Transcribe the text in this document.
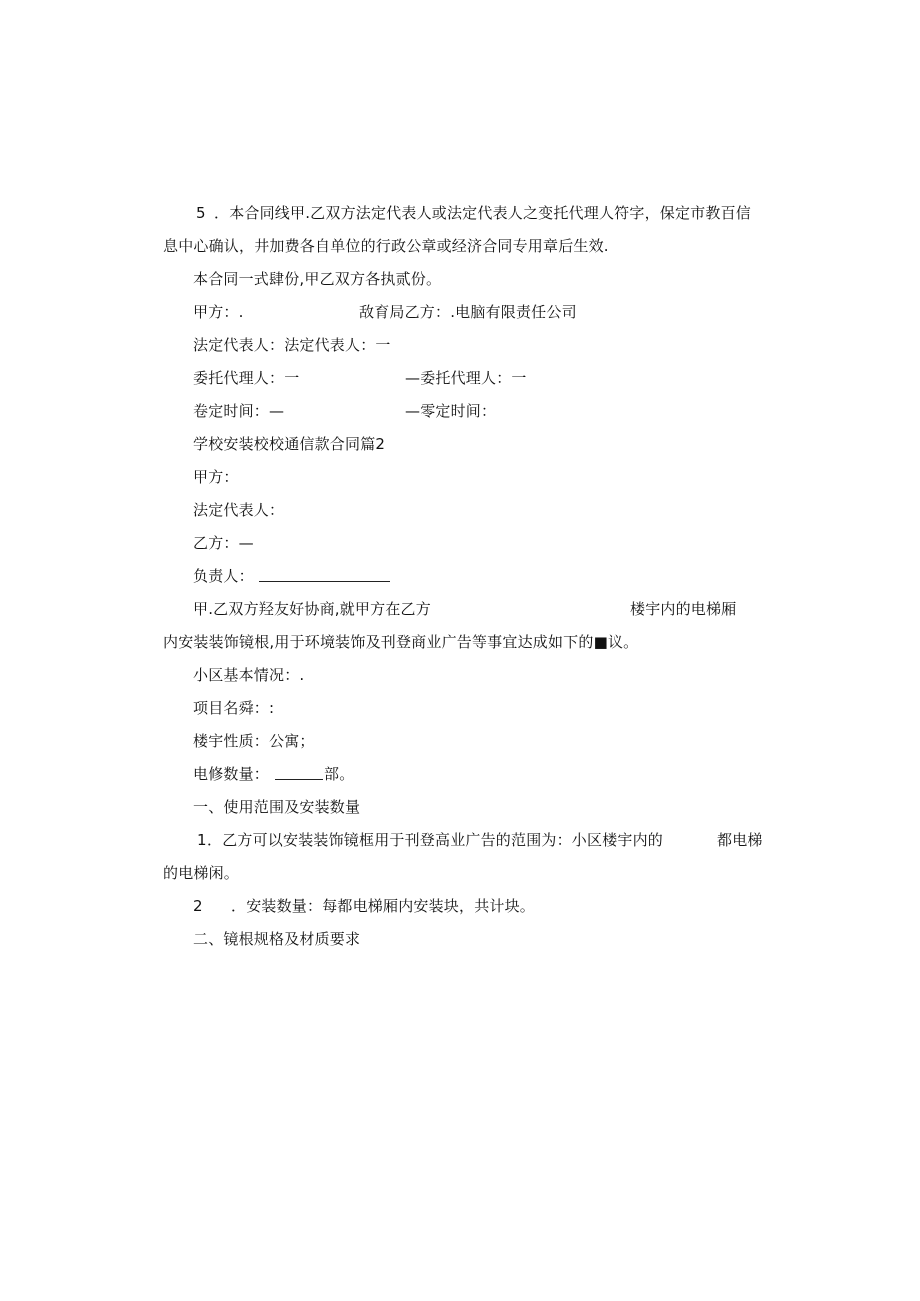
5 ．本合同线甲.乙双方法定代表人或法定代表人之变托代理人符字，保定市教百信
息中心确认，井加费各自单位的行政公章或经济合同专用章后生效.
本合同一式肆份,甲乙双方各执贰份。
甲方：.	敌育局乙方：.电脑有限责任公司
法定代表人：法定代表人：一
委托代理人：一	—委托代理人：一
卷定时间：—	—零定时间：
学校安装校校通信款合同篇2
甲方：
法定代表人：
乙方：—
负责人：
甲.乙双方羟友好协商,就甲方在乙方	楼宇内的电梯厢
内安装装饰镜根,用于环境装饰及刊登商业广告等事宜达成如下的■议。
小区基本情况：.
项目名舜：:
楼宇性质：公寓；
电修数量：	部。
一、使用范围及安装数量
1 ．乙方可以安装装饰镜框用于刊登高业广告的范围为：小区楼宇内的	都电梯
的电梯闲。
2 ．安装数量：每都电梯厢内安装块，共计块。
二、镜根规格及材质要求
